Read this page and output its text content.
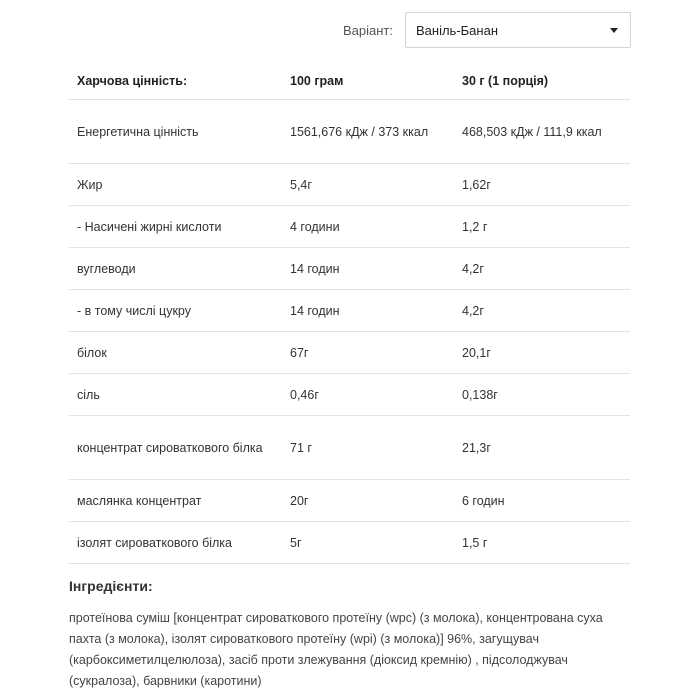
Варіант:	Ваніль-Банан
Харчова цінність:	100 грам	30 г (1 порція)
Енергетична цінність	1561,676 кДж / 373 ккал	468,503 кДж / 111,9 ккал
Жир	5,4г	1,62г
- Насичені жирні кислоти	4 години	1,2 г
вуглеводи	14 годин	4,2г
- в тому числі цукру	14 годин	4,2г
білок	67г	20,1г
сіль	0,46г	0,138г
концентрат сироваткового білка	71 г	21,3г
маслянка концентрат	20г	6 годин
ізолят сироваткового білка	5г	1,5 г
Інгредієнти:
протеїнова суміш [концентрат сироваткового протеїну (wpc) (з молока), концентрована суха пахта (з молока), ізолят сироваткового протеїну (wpi) (з молока)] 96%, загущувач (карбоксиметилцелюлоза), засіб проти злежування (діоксид кремнію) , підсолоджувач (сукралоза), барвники (каротини)
